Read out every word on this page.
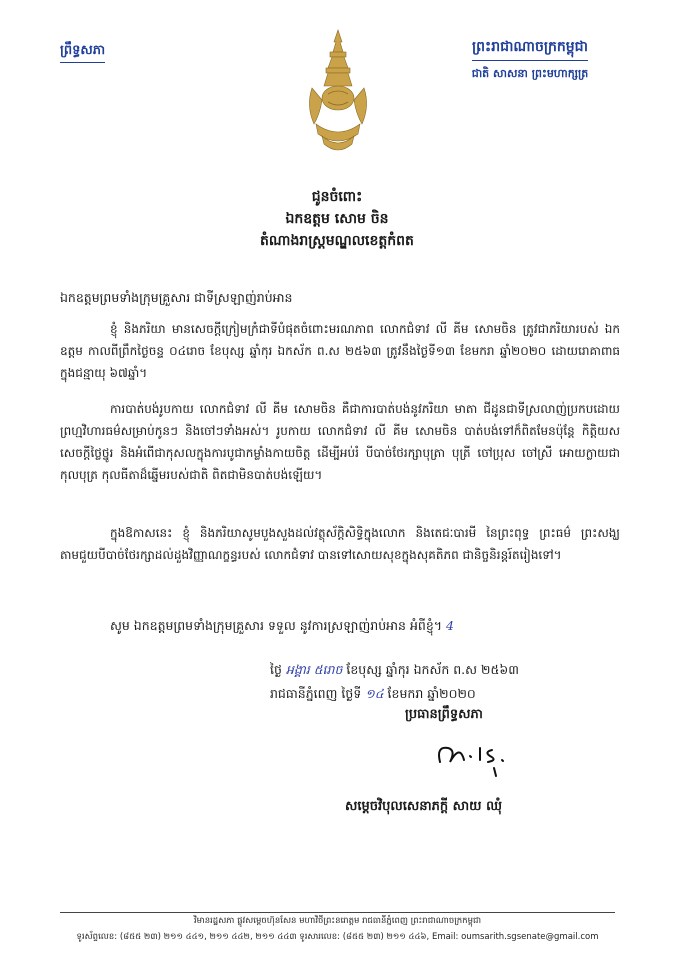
ព្រឹទ្ធសភា	ព្រះរាជាណាចក្រកម្ពុជា
ជាតិ សាសនា ព្រះមហាក្សត្រ
ជូនចំពោះ
ឯកឧត្តម សោម ចិន
តំណាងរាស្ត្រមណ្ឌលខេត្តកំពត
ឯកឧត្តមព្រមទាំងក្រុមគ្រួសារ ជាទីស្រឡាញ់រាប់អាន

ខ្ញុំ និងភរិយា មានសេចក្តីក្រៀមក្រំជាទីបំផុតចំពោះមរណភាព លោកជំទាវ លី គីម សោមចិន ត្រូវជាភរិយារបស់ ឯកឧត្តម កាលពីព្រឹកថ្ងៃចន្ទ ០៤រោច ខែបុស្ស ឆ្នាំកុរ ឯកស័ក ព.ស ២៥៦៣ ត្រូវនឹងថ្ងៃទី១៣ ខែមករា ឆ្នាំ២០២០ ដោយរោគាពាធ ក្នុងជន្មាយុ ៦៧ឆ្នាំ។

ការបាត់បង់រូបកាយ លោកជំទាវ លី គីម សោមចិន គឺជាការបាត់បង់នូវភរិយា មាតា ជីដូនជាទីស្រលាញ់ប្រកបដោយ ព្រហ្មវិហារធម៌សម្រាប់កូនៗ និងចៅៗទាំងអស់។ រូបកាយ លោកជំទាវ លី គីម សោមចិន បាត់បង់ទៅក៏ពិតមែនប៉ុន្តែ កិត្តិយស សេចក្តីថ្លៃថ្នូរ និងអំពើជាកុសលក្នុងការបូជាកម្លាំងកាយចិត្ត ដើម្បីអប់រំ បីបាច់ថែរក្សាបុត្រា បុត្រី ចៅប្រុស ចៅស្រី អោយក្លាយជាកុលបុត្រ កុលធីតាដ៏ឆ្នើមរបស់ជាតិ ពិតជាមិនបាត់បង់ឡើយ។

ក្នុងឱកាសនេះ ខ្ញុំ និងភរិយាសូមបួងសួងដល់វត្ថុស័ក្តិសិទ្ធិក្នុងលោក និងតេជៈបារមី នៃព្រះពុទ្ធ ព្រះធម៌ ព្រះសង្ឃ តាមជួយបីបាច់ថែរក្សាដល់ដួងវិញ្ញាណក្ខន្ធរបស់ លោកជំទាវ បានទៅសោយសុខក្នុងសុគតិភព ជានិច្ចនិរន្តរ៍តរៀងទៅ។

សូម ឯកឧត្តមព្រមទាំងក្រុមគ្រួសារ ទទួល នូវការស្រឡាញ់រាប់អាន អំពីខ្ញុំ។ 4
ថ្ងៃ អង្គារ ៥រោច ខែបុស្ស ឆ្នាំកុរ ឯកស័ក ព.ស ២៥៦៣
រាជធានីភ្នំពេញ ថ្ងៃទី ១៤ ខែមករា ឆ្នាំ២០២០
ប្រធានព្រឹទ្ធសភា
សម្តេចវិបុលសេនាភក្តី សាយ ឈុំ
វិមានរដ្ឋសភា ផ្លូវសម្តេចហ៊ុនសែន មហាវិថីព្រះនរោត្តម រាជធានីភ្នំពេញ ព្រះរាជាណាចក្រកម្ពុជា
ទូរស័ព្ទលេខ: (៨៥៥ ២៣) ២១១ ៤៤១, ២១១ ៤៤២, ២១១ ៤៤៣ ទូរសារលេខ: (៨៥៥ ២៣) ២១១ ៤៤៦, Email: oumsarith.sgsenate@gmail.com
